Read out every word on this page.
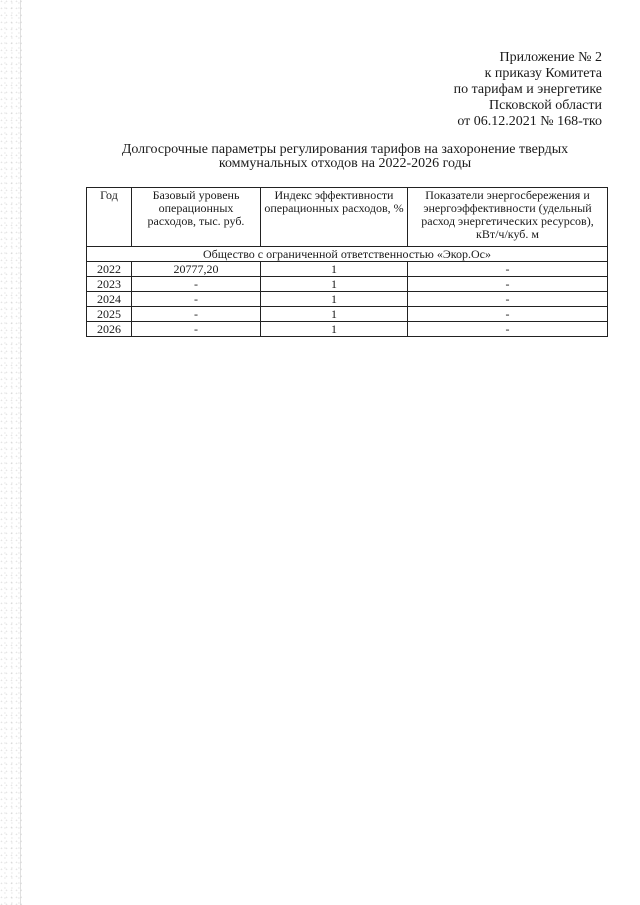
Приложение № 2
к приказу Комитета
по тарифам и энергетике
Псковской области
от 06.12.2021 № 168-тко
Долгосрочные параметры регулирования тарифов на захоронение твердых
коммунальных отходов на 2022-2026 годы
Год	Базовый уровень операционных расходов, тыс. руб.	Индекс эффективности операционных расходов, %	Показатели энергосбережения и энергоэффективности (удельный расход энергетических ресурсов), кВт/ч/куб. м
Общество с ограниченной ответственностью «Экор.Ос»			
2022	20777,20	1	-
2023	-	1	-
2024	-	1	-
2025	-	1	-
2026	-	1	-
